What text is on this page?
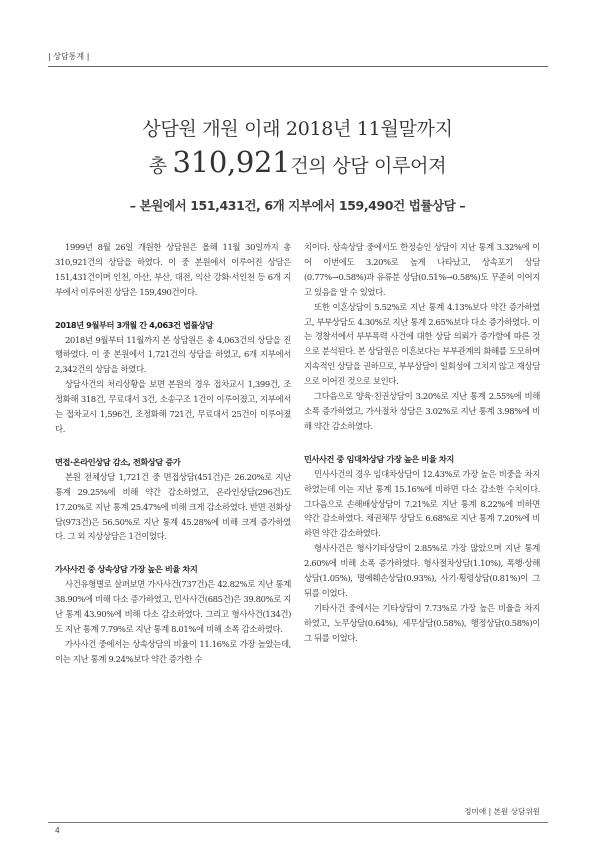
| 상담통계 |
상담원 개원 이래 2018년 11월말까지
총 310,921건의 상담 이루어져
– 본원에서 151,431건, 6개 지부에서 159,490건 법률상담 –

1999년 8월 26일 개원한 상담원은 올해 11월 30일까지 총 310,921건의 상담을 하였다. 이 중 본원에서 이루어진 상담은 151,431건이며 인천, 아산, 부산, 대전, 익산 강화·서인천 등 6개 지부에서 이루어진 상담은 159,490건이다.

2018년 9월부터 3개월 간 4,063건 법률상담

2018년 9월부터 11월까지 본 상담원은 총 4,063건의 상담을 진행하였다. 이 중 본원에서 1,721건의 상담을 하였고, 6개 지부에서 2,342건의 상담을 하였다.

상담사건의 처리상황을 보면 본원의 경우 접차교시 1,399건, 조정화해 318건, 무료대서 3건, 소송구조 1건이 이루어졌고, 지부에서는 접차교시 1,596건, 조정화해 721건, 무료대서 25건이 이루어졌다.

면접·온라인상담 감소, 전화상담 증가

본원 전체상담 1,721건 중 면접상담(451건)은 26.20%로 지난 통계 29.25%에 비해 약간 감소하였고, 온라인상담(296건)도 17.20%로 지난 통계 25.47%에 비해 크게 감소하였다. 반면 전화상담(973건)은 56.50%로 지난 통계 45.28%에 비해 크게 증가하였다. 그 외 지상상담은 1건이었다.

가사사건 중 상속상담 가장 높은 비율 차지

사건유형별로 살펴보면 가사사건(737건)은 42.82%로 지난 통계 38.90%에 비해 다소 증가하였고, 민사사건(685건)은 39.80%로 지난 통계 43.90%에 비해 다소 감소하였다. 그리고 형사사건(134건)도 지난 통계 7.79%로 지난 통계 8.01%에 비해 소폭 감소하였다.

가사사건 중에서는 상속상담의 비율이 11.16%로 가장 높았는데, 이는 지난 통계 9.24%보다 약간 증가한 수

치이다. 상속상담 중에서도 한정승인 상담이 지난 통계 3.32%에 이어 이번에도 3.20%로 높게 나타났고, 상속포기 상담(0.77%→0.58%)과 유류분 상담(0.51%→0.58%)도 꾸준히 이어지고 있음을 알 수 있었다.

또한 이혼상담이 5.52%로 지난 통계 4.13%보다 약간 증가하였고, 부부상담도 4.30%로 지난 통계 2.65%보다 다소 증가하였다. 이는 경찰서에서 부부폭력 사건에 대한 상담 의뢰가 증가함에 따른 것으로 분석된다. 본 상담원은 이혼보다는 부부관계의 화해를 도모하며 지속적인 상담을 권하므로, 부부상담이 일회성에 그치지 않고 재상담으로 이어진 것으로 보인다.

그다음으로 양육·친권상담이 3.20%로 지난 통계 2.55%에 비해 소폭 증가하였고, 가사절차 상담은 3.02%로 지난 통계 3.98%에 비해 약간 감소하였다.

민사사건 중 임대차상담 가장 높은 비율 차지

민사사건의 경우 임대차상담이 12.43%로 가장 높은 비중을 차지하였는데 이는 지난 통계 15.16%에 비하면 다소 감소한 수치이다. 그다음으로 손해배상상담이 7.21%로 지난 통계 8.22%에 비하면 약간 감소하였다. 채권채무 상담도 6.68%로 지난 통계 7.20%에 비하면 약간 감소하였다.

형사사건은 형사기타상담이 2.85%로 가장 많았으며 지난 통계 2.60%에 비해 소폭 증가하였다. 형사절차상담(1.10%), 폭행·상해상담(1.05%), 명예훼손상담(0.93%), 사기·횡령상담(0.81%)이 그 뒤를 이었다.

기타사건 중에서는 기타상담이 7.73%로 가장 높은 비율을 차지하였고, 노무상담(0.64%), 세무상담(0.58%), 행정상담(0.58%)이 그 뒤를 이었다.

정미애 | 본원 상담위원
4
